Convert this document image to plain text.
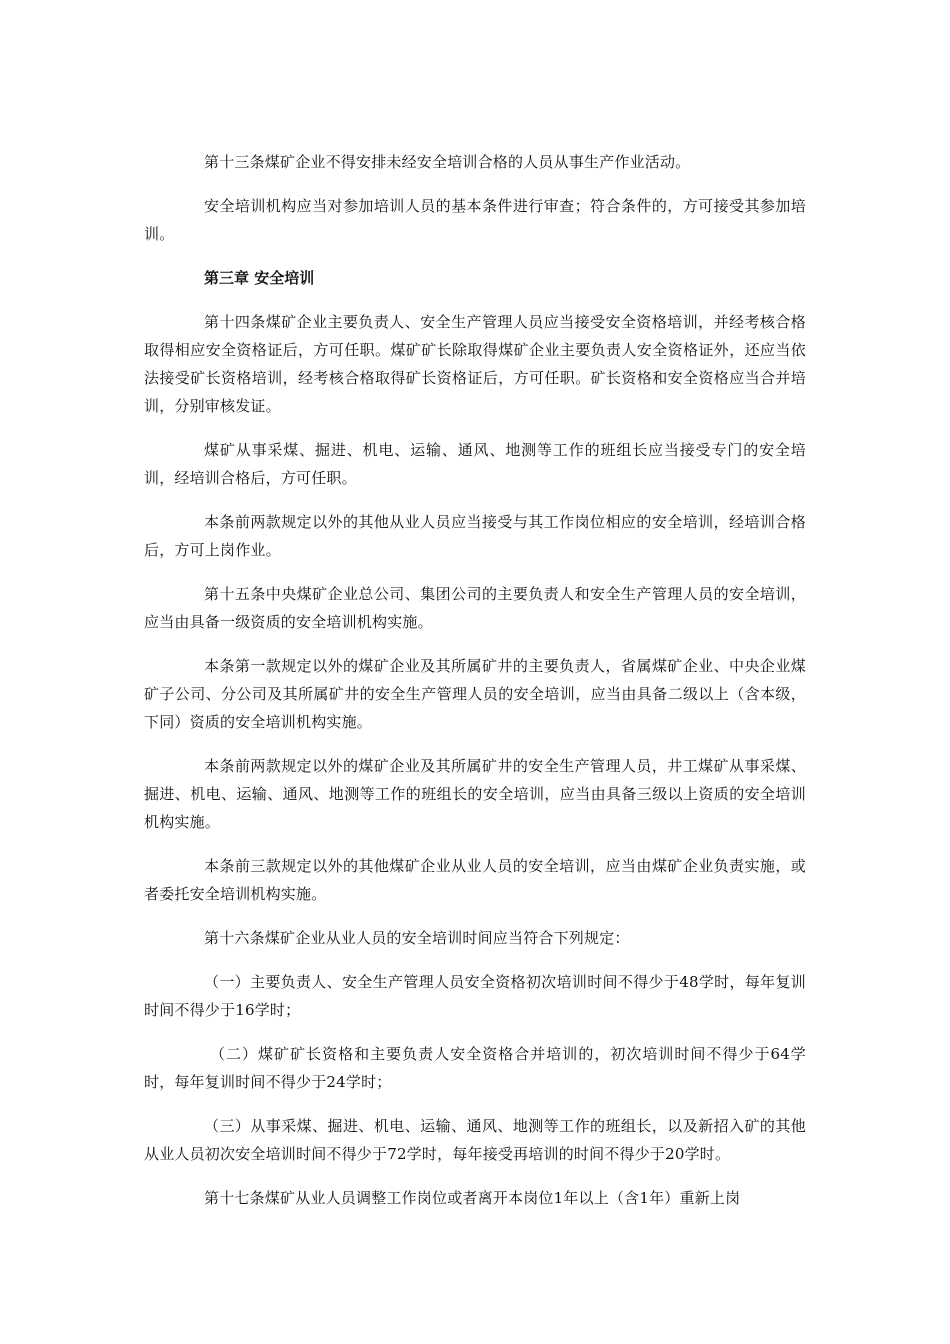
第十三条煤矿企业不得安排未经安全培训合格的人员从事生产作业活动。

安全培训机构应当对参加培训人员的基本条件进行审查；符合条件的，方可接受其参加培训。

第三章 安全培训

第十四条煤矿企业主要负责人、安全生产管理人员应当接受安全资格培训，并经考核合格取得相应安全资格证后，方可任职。煤矿矿长除取得煤矿企业主要负责人安全资格证外，还应当依法接受矿长资格培训，经考核合格取得矿长资格证后，方可任职。矿长资格和安全资格应当合并培训，分别审核发证。

煤矿从事采煤、掘进、机电、运输、通风、地测等工作的班组长应当接受专门的安全培训，经培训合格后，方可任职。

本条前两款规定以外的其他从业人员应当接受与其工作岗位相应的安全培训，经培训合格后，方可上岗作业。

第十五条中央煤矿企业总公司、集团公司的主要负责人和安全生产管理人员的安全培训，应当由具备一级资质的安全培训机构实施。

本条第一款规定以外的煤矿企业及其所属矿井的主要负责人，省属煤矿企业、中央企业煤矿子公司、分公司及其所属矿井的安全生产管理人员的安全培训，应当由具备二级以上（含本级，下同）资质的安全培训机构实施。

本条前两款规定以外的煤矿企业及其所属矿井的安全生产管理人员，井工煤矿从事采煤、掘进、机电、运输、通风、地测等工作的班组长的安全培训，应当由具备三级以上资质的安全培训机构实施。

本条前三款规定以外的其他煤矿企业从业人员的安全培训，应当由煤矿企业负责实施，或者委托安全培训机构实施。

第十六条煤矿企业从业人员的安全培训时间应当符合下列规定：

（一）主要负责人、安全生产管理人员安全资格初次培训时间不得少于48学时，每年复训时间不得少于16学时；

（二）煤矿矿长资格和主要负责人安全资格合并培训的，初次培训时间不得少于64学时，每年复训时间不得少于24学时；

（三）从事采煤、掘进、机电、运输、通风、地测等工作的班组长，以及新招入矿的其他从业人员初次安全培训时间不得少于72学时，每年接受再培训的时间不得少于20学时。

第十七条煤矿从业人员调整工作岗位或者离开本岗位1年以上（含1年）重新上岗
